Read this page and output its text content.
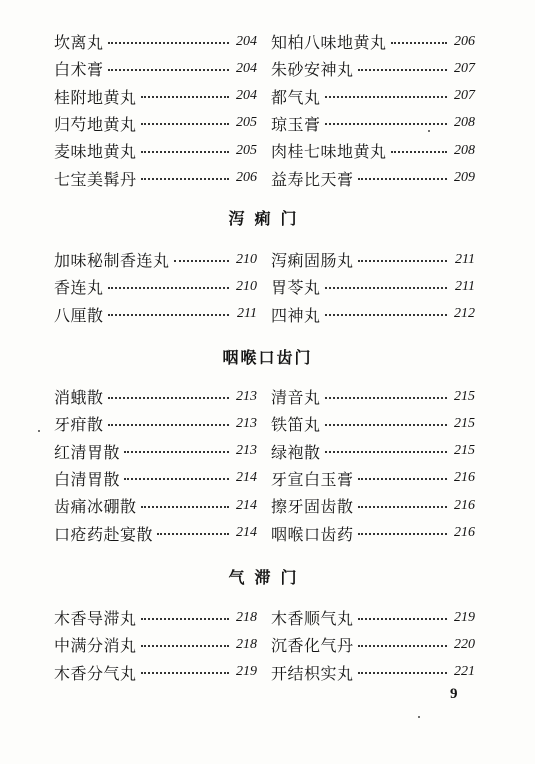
坎离丸	204 知柏八味地黄丸	206
白术膏	204 朱砂安神丸	207
桂附地黄丸	204 都气丸	207
归芍地黄丸	205 琼玉膏	208
麦味地黄丸	205 肉桂七味地黄丸	208
七宝美髯丹	206 益寿比天膏	209
泻痢门
加味秘制香连丸	210 泻痢固肠丸	211
香连丸	210 胃苓丸	211
八厘散	211 四神丸	212
咽喉口齿门
消蛾散	213 清音丸	215
牙疳散	213 铁笛丸	215
红清胃散	213 绿袍散	215
白清胃散	214 牙宣白玉膏	216
齿痛冰硼散	214 擦牙固齿散	216
口疮药赴宴散	214 咽喉口齿药	216
气滞门
木香导滞丸	218 木香顺气丸	219
中满分消丸	218 沉香化气丹	220
木香分气丸	219 开结枳实丸	221
9
